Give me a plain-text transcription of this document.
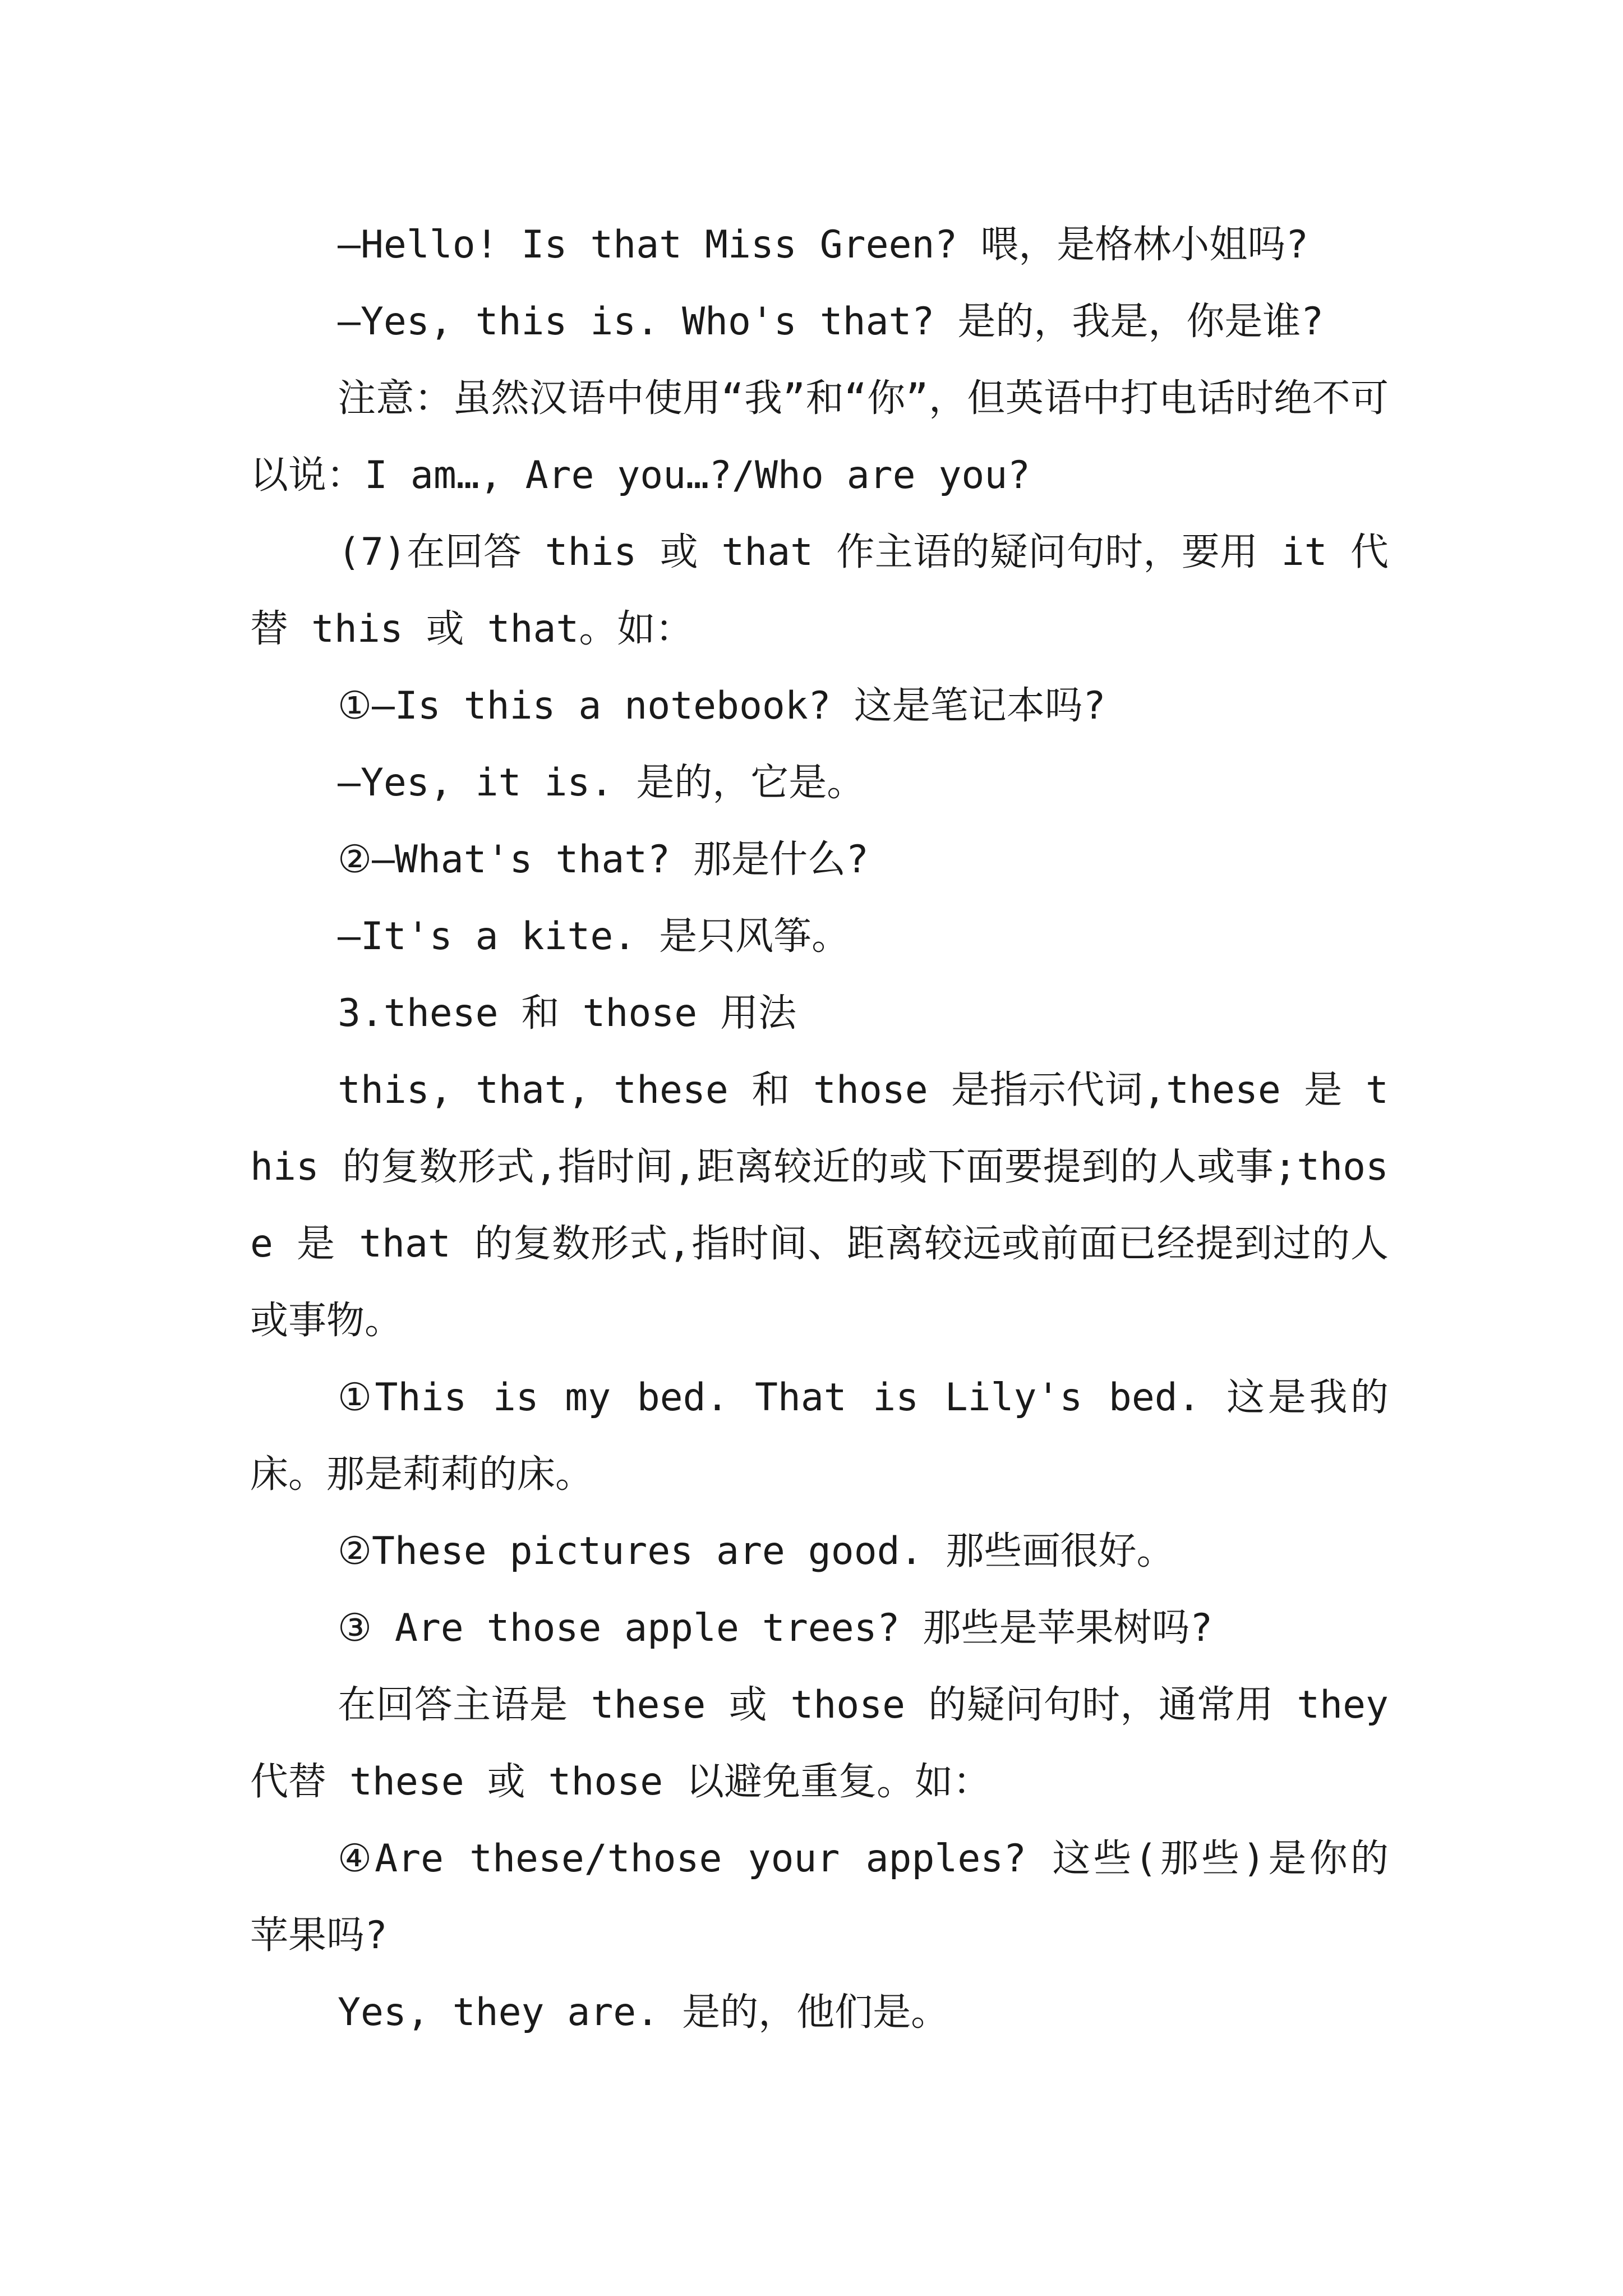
—Hello! Is that Miss Green? 喂，是格林小姐吗?

—Yes, this is. Who's that? 是的，我是，你是谁?

注意：虽然汉语中使用“我”和“你”，但英语中打电话时绝不可以说：I am…, Are you…?/Who are you?

(7)在回答 this 或 that 作主语的疑问句时，要用 it 代替 this 或 that。如：

①—Is this a notebook? 这是笔记本吗?

—Yes, it is. 是的，它是。

②—What's that? 那是什么?

—It's a kite. 是只风筝。

3.these 和 those 用法

this, that, these 和 those 是指示代词,these 是 this 的复数形式,指时间,距离较近的或下面要提到的人或事;those 是 that 的复数形式,指时间、距离较远或前面已经提到过的人或事物。

①This is my bed. That is Lily's bed. 这是我的床。那是莉莉的床。

②These pictures are good. 那些画很好。

③ Are those apple trees? 那些是苹果树吗?

在回答主语是 these 或 those 的疑问句时，通常用 they 代替 these 或 those 以避免重复。如：

④Are these/those your apples? 这些(那些)是你的苹果吗?

Yes, they are. 是的，他们是。
